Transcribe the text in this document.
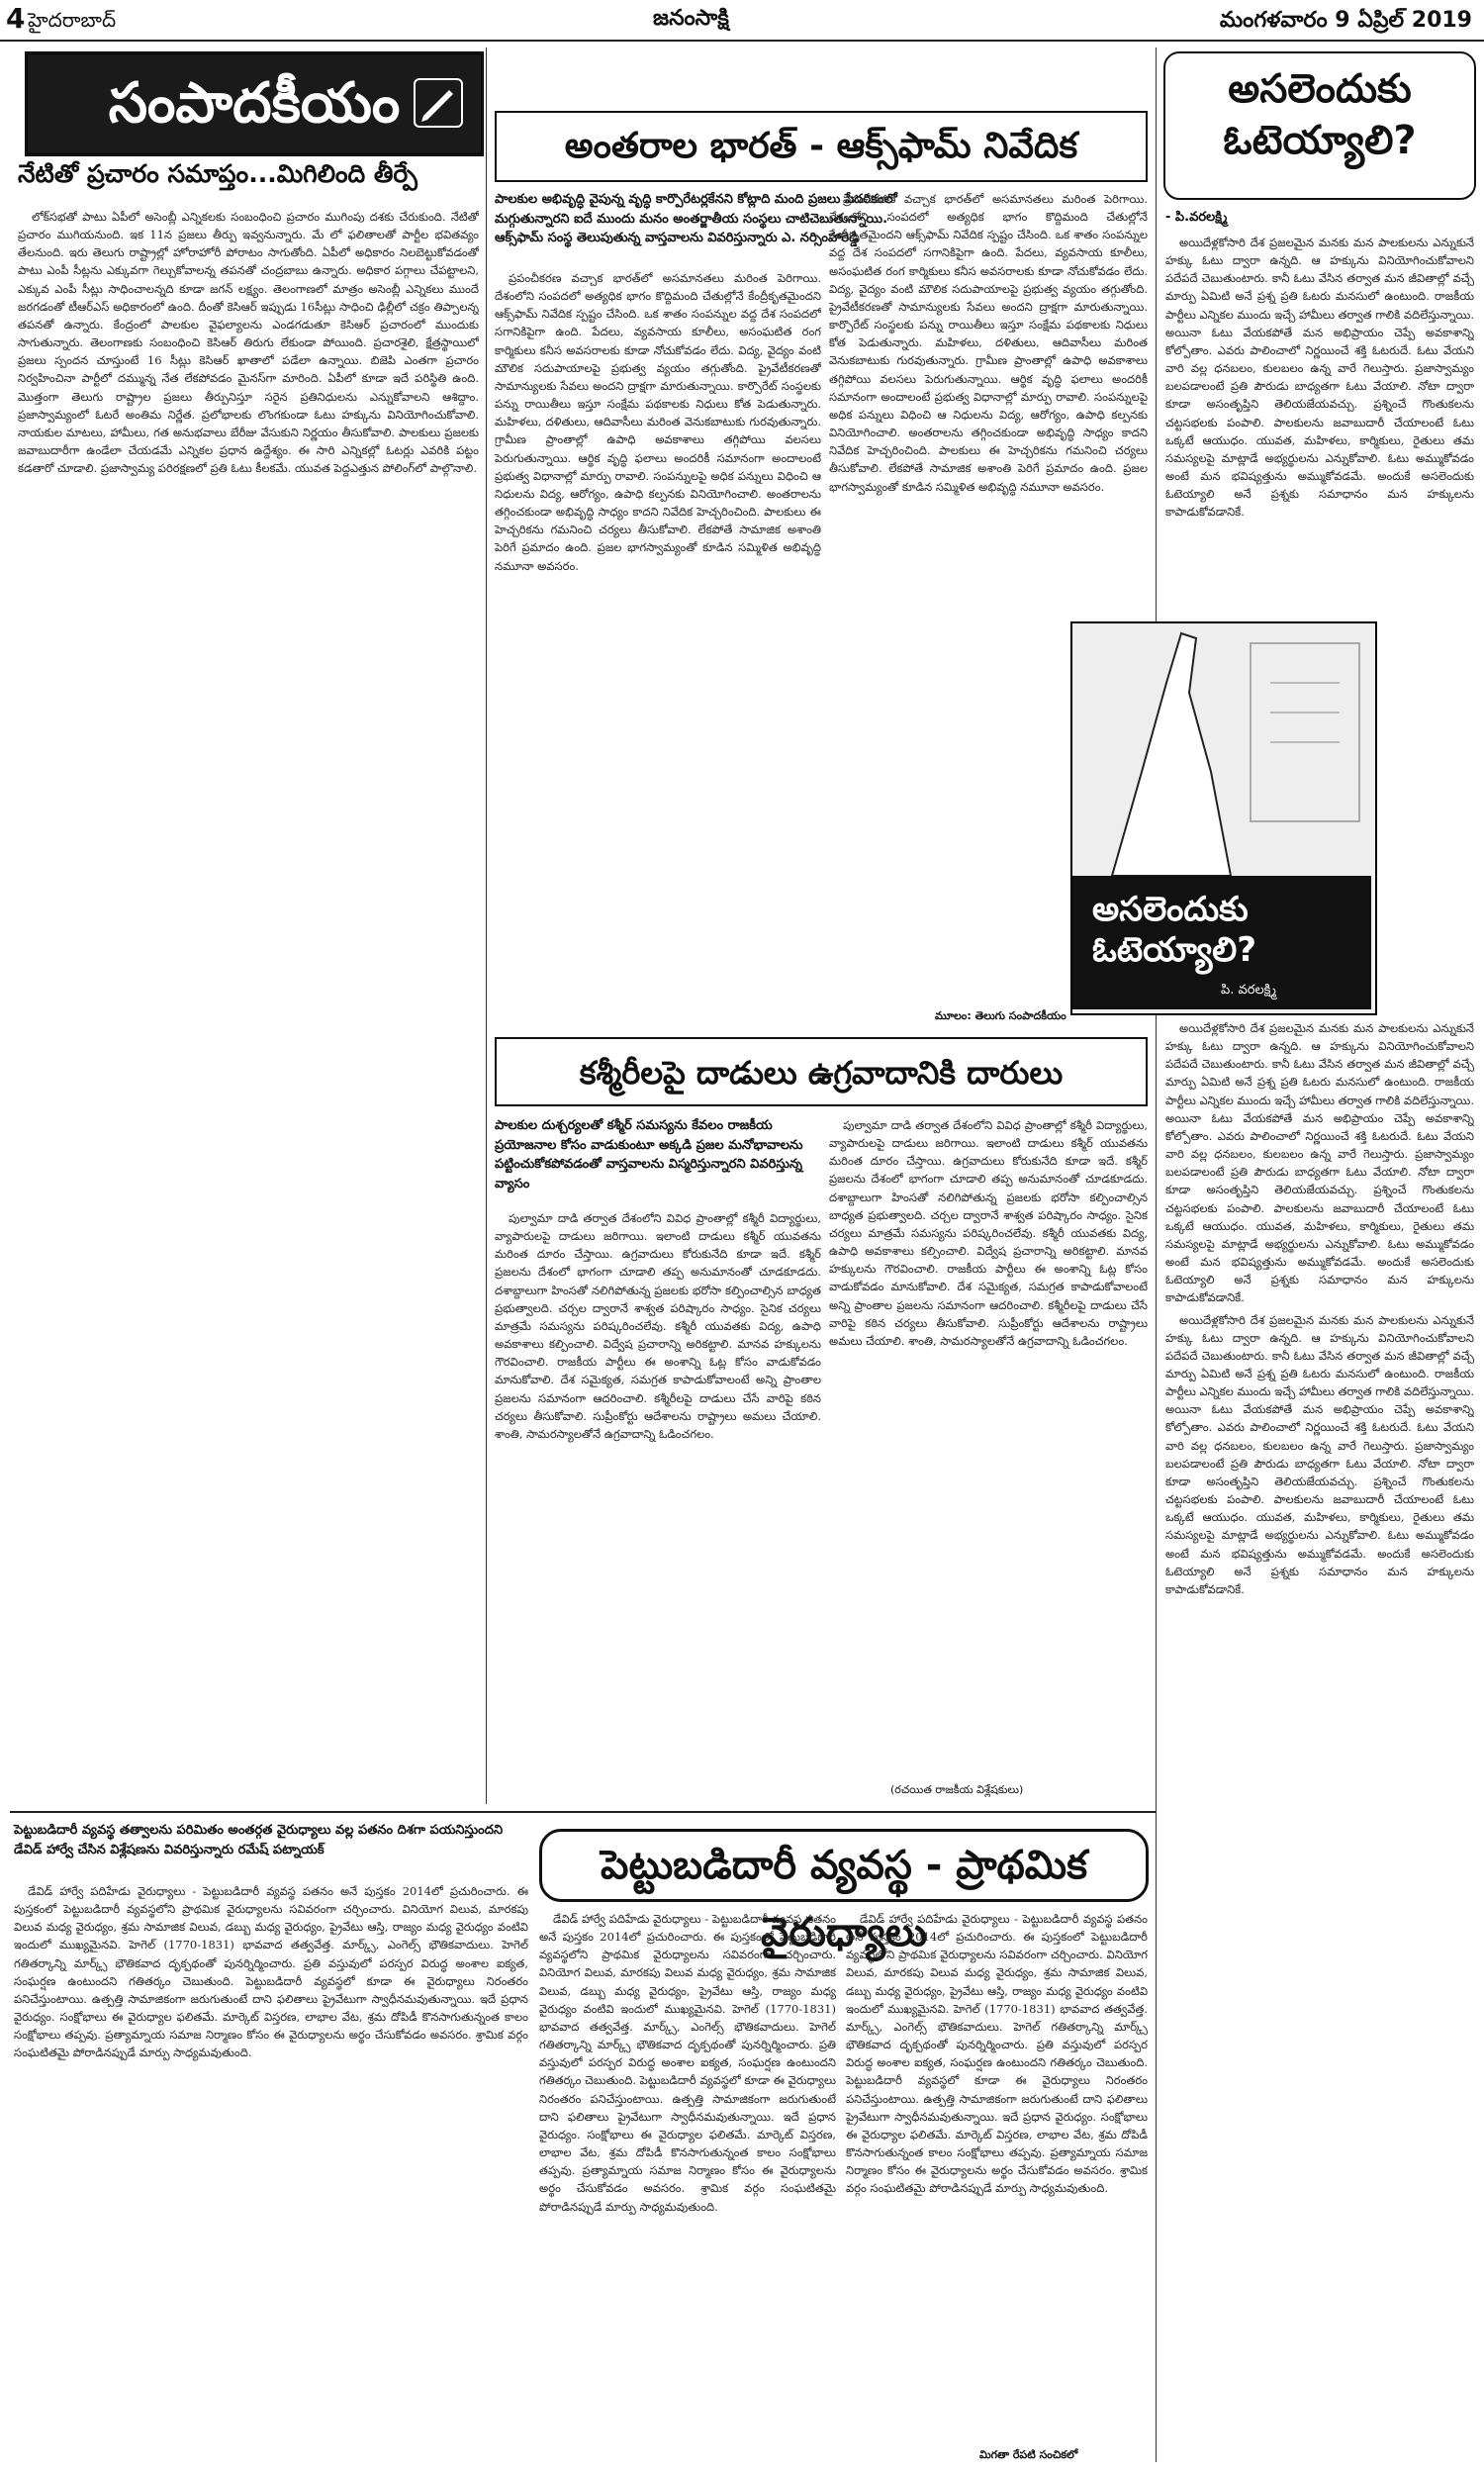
4 హైదరాబాద్	జనంసాక్షి	మంగళవారం 9 ఏప్రిల్ 2019
సంపాదకీయం
నేటితో ప్రచారం సమాప్తం...మిగిలింది తీర్పే

లోక్‌సభతో పాటు ఏపీలో అసెంబ్లీ ఎన్నికలకు సంబంధించి ప్రచారం ముగింపు దశకు చేరుకుంది. నేటితో ప్రచారం ముగియనుంది. ఇక 11న ప్రజలు తీర్పు ఇవ్వనున్నారు. మే లో ఫలితాలతో పార్టీల భవితవ్యం తేలనుంది. ఇరు తెలుగు రాష్ట్రాల్లో హోరాహోరీ పోరాటం సాగుతోంది. ఏపీలో అధికారం నిలబెట్టుకోవడంతో పాటు ఎంపీ సీట్లను ఎక్కువగా గెల్చుకోవాలన్న తపనతో చంద్రబాబు ఉన్నారు. అధికార పగ్గాలు చేపట్టాలని, ఎక్కువ ఎంపీ సీట్లు సాధించాలన్నది కూడా జగన్ లక్ష్యం. తెలంగాణలో మాత్రం అసెంబ్లీ ఎన్నికలు ముందే జరగడంతో టీఆర్ఎస్ అధికారంలో ఉంది. దీంతో కెసిఆర్ ఇప్పుడు 16సీట్లు సాధించి ఢిల్లీలో చక్రం తిప్పాలన్న తపనతో ఉన్నారు. కేంద్రంలో పాలకుల వైఫల్యాలను ఎండగడుతూ కెసిఆర్ ప్రచారంలో ముందుకు సాగుతున్నారు. తెలంగాణకు సంబంధించి కెసిఆర్ తిరుగు లేకుండా పోయింది. ప్రచారశైలి, క్షేత్రస్థాయిలో ప్రజలు స్పందన చూస్తుంటే 16 సీట్లు కెసిఆర్ ఖాతాలో పడేలా ఉన్నాయి. బిజెపి ఎంతగా ప్రచారం నిర్వహించినా పార్టీలో దమ్మున్న నేత లేకపోవడం మైనస్‌గా మారింది. ఏపీలో కూడా ఇదే పరిస్థితి ఉంది. మొత్తంగా తెలుగు రాష్ట్రాల ప్రజలు తీర్పునిస్తూ సరైన ప్రతినిధులను ఎన్నుకోవాలని ఆశిద్దాం. ప్రజాస్వామ్యంలో ఓటరే అంతిమ నిర్ణేత. ప్రలోభాలకు లొంగకుండా ఓటు హక్కును వినియోగించుకోవాలి. నాయకుల మాటలు, హామీలు, గత అనుభవాలు బేరీజు వేసుకుని నిర్ణయం తీసుకోవాలి. పాలకులు ప్రజలకు జవాబుదారీగా ఉండేలా చేయడమే ఎన్నికల ప్రధాన ఉద్దేశ్యం. ఈ సారి ఎన్నికల్లో ఓటర్లు ఎవరికి పట్టం కడతారో చూడాలి. ప్రజాస్వామ్య పరిరక్షణలో ప్రతి ఓటు కీలకమే. యువత పెద్దఎత్తున పోలింగ్‌లో పాల్గొనాలి.

అంతరాల భారత్ - ఆక్స్‌ఫామ్ నివేదిక
పాలకుల అభివృద్ధి వైపున్న వృద్ధి కార్పొరేటర్లకేనని కోట్లాది మంది ప్రజలు పేదరికంలో మగ్గుతున్నారని ఐదే ముందు మనం అంతర్జాతీయ సంస్థలు చాటిచెబుతున్నాయి. ఆక్స్‌ఫామ్ సంస్థ తెలుపుతున్న వాస్తవాలను వివరిస్తున్నారు ఎ. నర్సింహారెడ్డి

ప్రపంచీకరణ వచ్చాక భారత్‌లో అసమానతలు మరింత పెరిగాయి. దేశంలోని సంపదలో అత్యధిక భాగం కొద్దిమంది చేతుల్లోనే కేంద్రీకృతమైందని ఆక్స్‌ఫామ్ నివేదిక స్పష్టం చేసింది. ఒక శాతం సంపన్నుల వద్ద దేశ సంపదలో సగానికిపైగా ఉంది. పేదలు, వ్యవసాయ కూలీలు, అసంఘటిత రంగ కార్మికులు కనీస అవసరాలకు కూడా నోచుకోవడం లేదు. విద్య, వైద్యం వంటి మౌలిక సదుపాయాలపై ప్రభుత్వ వ్యయం తగ్గుతోంది. ప్రైవేటీకరణతో సామాన్యులకు సేవలు అందని ద్రాక్షగా మారుతున్నాయి. కార్పొరేట్ సంస్థలకు పన్ను రాయితీలు ఇస్తూ సంక్షేమ పథకాలకు నిధులు కోత పెడుతున్నారు. మహిళలు, దళితులు, ఆదివాసీలు మరింత వెనుకబాటుకు గురవుతున్నారు. గ్రామీణ ప్రాంతాల్లో ఉపాధి అవకాశాలు తగ్గిపోయి వలసలు పెరుగుతున్నాయి. ఆర్థిక వృద్ధి ఫలాలు అందరికీ సమానంగా అందాలంటే ప్రభుత్వ విధానాల్లో మార్పు రావాలి. సంపన్నులపై అధిక పన్నులు విధించి ఆ నిధులను విద్య, ఆరోగ్యం, ఉపాధి కల్పనకు వినియోగించాలి. అంతరాలను తగ్గించకుండా అభివృద్ధి సాధ్యం కాదని నివేదిక హెచ్చరించింది. పాలకులు ఈ హెచ్చరికను గమనించి చర్యలు తీసుకోవాలి. లేకపోతే సామాజిక అశాంతి పెరిగే ప్రమాదం ఉంది. ప్రజల భాగస్వామ్యంతో కూడిన సమ్మిళిత అభివృద్ధి నమూనా అవసరం.

ప్రపంచీకరణ వచ్చాక భారత్‌లో అసమానతలు మరింత పెరిగాయి. దేశంలోని సంపదలో అత్యధిక భాగం కొద్దిమంది చేతుల్లోనే కేంద్రీకృతమైందని ఆక్స్‌ఫామ్ నివేదిక స్పష్టం చేసింది. ఒక శాతం సంపన్నుల వద్ద దేశ సంపదలో సగానికిపైగా ఉంది. పేదలు, వ్యవసాయ కూలీలు, అసంఘటిత రంగ కార్మికులు కనీస అవసరాలకు కూడా నోచుకోవడం లేదు. విద్య, వైద్యం వంటి మౌలిక సదుపాయాలపై ప్రభుత్వ వ్యయం తగ్గుతోంది. ప్రైవేటీకరణతో సామాన్యులకు సేవలు అందని ద్రాక్షగా మారుతున్నాయి. కార్పొరేట్ సంస్థలకు పన్ను రాయితీలు ఇస్తూ సంక్షేమ పథకాలకు నిధులు కోత పెడుతున్నారు. మహిళలు, దళితులు, ఆదివాసీలు మరింత వెనుకబాటుకు గురవుతున్నారు. గ్రామీణ ప్రాంతాల్లో ఉపాధి అవకాశాలు తగ్గిపోయి వలసలు పెరుగుతున్నాయి. ఆర్థిక వృద్ధి ఫలాలు అందరికీ సమానంగా అందాలంటే ప్రభుత్వ విధానాల్లో మార్పు రావాలి. సంపన్నులపై అధిక పన్నులు విధించి ఆ నిధులను విద్య, ఆరోగ్యం, ఉపాధి కల్పనకు వినియోగించాలి. అంతరాలను తగ్గించకుండా అభివృద్ధి సాధ్యం కాదని నివేదిక హెచ్చరించింది. పాలకులు ఈ హెచ్చరికను గమనించి చర్యలు తీసుకోవాలి. లేకపోతే సామాజిక అశాంతి పెరిగే ప్రమాదం ఉంది. ప్రజల భాగస్వామ్యంతో కూడిన సమ్మిళిత అభివృద్ధి నమూనా అవసరం.

అసలెందుకు ఓటెయ్యాలి?
పి. వరలక్ష్మి
మూలం: తెలుగు సంపాదకీయం
కశ్మీరీలపై దాడులు ఉగ్రవాదానికి దారులు
పాలకుల దుశ్చర్యలతో కశ్మీర్ సమస్యను కేవలం రాజకీయ ప్రయోజనాల కోసం వాడుకుంటూ అక్కడి ప్రజల మనోభావాలను పట్టించుకోకపోవడంతో వాస్తవాలను విస్మరిస్తున్నారని వివరిస్తున్న వ్యాసం

పుల్వామా దాడి తర్వాత దేశంలోని వివిధ ప్రాంతాల్లో కశ్మీరీ విద్యార్థులు, వ్యాపారులపై దాడులు జరిగాయి. ఇలాంటి దాడులు కశ్మీర్ యువతను మరింత దూరం చేస్తాయి. ఉగ్రవాదులు కోరుకునేది కూడా ఇదే. కశ్మీర్ ప్రజలను దేశంలో భాగంగా చూడాలి తప్ప అనుమానంతో చూడకూడదు. దశాబ్దాలుగా హింసతో నలిగిపోతున్న ప్రజలకు భరోసా కల్పించాల్సిన బాధ్యత ప్రభుత్వాలది. చర్చల ద్వారానే శాశ్వత పరిష్కారం సాధ్యం. సైనిక చర్యలు మాత్రమే సమస్యను పరిష్కరించలేవు. కశ్మీరీ యువతకు విద్య, ఉపాధి అవకాశాలు కల్పించాలి. విద్వేష ప్రచారాన్ని అరికట్టాలి. మానవ హక్కులను గౌరవించాలి. రాజకీయ పార్టీలు ఈ అంశాన్ని ఓట్ల కోసం వాడుకోవడం మానుకోవాలి. దేశ సమైక్యత, సమగ్రత కాపాడుకోవాలంటే అన్ని ప్రాంతాల ప్రజలను సమానంగా ఆదరించాలి. కశ్మీరీలపై దాడులు చేసే వారిపై కఠిన చర్యలు తీసుకోవాలి. సుప్రీంకోర్టు ఆదేశాలను రాష్ట్రాలు అమలు చేయాలి. శాంతి, సామరస్యాలతోనే ఉగ్రవాదాన్ని ఓడించగలం.

పుల్వామా దాడి తర్వాత దేశంలోని వివిధ ప్రాంతాల్లో కశ్మీరీ విద్యార్థులు, వ్యాపారులపై దాడులు జరిగాయి. ఇలాంటి దాడులు కశ్మీర్ యువతను మరింత దూరం చేస్తాయి. ఉగ్రవాదులు కోరుకునేది కూడా ఇదే. కశ్మీర్ ప్రజలను దేశంలో భాగంగా చూడాలి తప్ప అనుమానంతో చూడకూడదు. దశాబ్దాలుగా హింసతో నలిగిపోతున్న ప్రజలకు భరోసా కల్పించాల్సిన బాధ్యత ప్రభుత్వాలది. చర్చల ద్వారానే శాశ్వత పరిష్కారం సాధ్యం. సైనిక చర్యలు మాత్రమే సమస్యను పరిష్కరించలేవు. కశ్మీరీ యువతకు విద్య, ఉపాధి అవకాశాలు కల్పించాలి. విద్వేష ప్రచారాన్ని అరికట్టాలి. మానవ హక్కులను గౌరవించాలి. రాజకీయ పార్టీలు ఈ అంశాన్ని ఓట్ల కోసం వాడుకోవడం మానుకోవాలి. దేశ సమైక్యత, సమగ్రత కాపాడుకోవాలంటే అన్ని ప్రాంతాల ప్రజలను సమానంగా ఆదరించాలి. కశ్మీరీలపై దాడులు చేసే వారిపై కఠిన చర్యలు తీసుకోవాలి. సుప్రీంకోర్టు ఆదేశాలను రాష్ట్రాలు అమలు చేయాలి. శాంతి, సామరస్యాలతోనే ఉగ్రవాదాన్ని ఓడించగలం.

(రచయిత రాజకీయ విశ్లేషకులు)
అసలెందుకు ఓటెయ్యాలి?
- పి.వరలక్ష్మి

అయిదేళ్లకోసారి దేశ ప్రజలమైన మనకు మన పాలకులను ఎన్నుకునే హక్కు ఓటు ద్వారా ఉన్నది. ఆ హక్కును వినియోగించుకోవాలని పదేపదే చెబుతుంటారు. కానీ ఓటు వేసిన తర్వాత మన జీవితాల్లో వచ్చే మార్పు ఏమిటి అనే ప్రశ్న ప్రతి ఓటరు మనసులో ఉంటుంది. రాజకీయ పార్టీలు ఎన్నికల ముందు ఇచ్చే హామీలు తర్వాత గాలికి వదిలేస్తున్నాయి. అయినా ఓటు వేయకపోతే మన అభిప్రాయం చెప్పే అవకాశాన్ని కోల్పోతాం. ఎవరు పాలించాలో నిర్ణయించే శక్తి ఓటరుదే. ఓటు వేయని వారి వల్ల ధనబలం, కులబలం ఉన్న వారే గెలుస్తారు. ప్రజాస్వామ్యం బలపడాలంటే ప్రతి పౌరుడు బాధ్యతగా ఓటు వేయాలి. నోటా ద్వారా కూడా అసంతృప్తిని తెలియజేయవచ్చు. ప్రశ్నించే గొంతుకలను చట్టసభలకు పంపాలి. పాలకులను జవాబుదారీ చేయాలంటే ఓటు ఒక్కటే ఆయుధం. యువత, మహిళలు, కార్మికులు, రైతులు తమ సమస్యలపై మాట్లాడే అభ్యర్థులను ఎన్నుకోవాలి. ఓటు అమ్ముకోవడం అంటే మన భవిష్యత్తును అమ్ముకోవడమే. అందుకే అసలెందుకు ఓటెయ్యాలి అనే ప్రశ్నకు సమాధానం మన హక్కులను కాపాడుకోవడానికే.

అయిదేళ్లకోసారి దేశ ప్రజలమైన మనకు మన పాలకులను ఎన్నుకునే హక్కు ఓటు ద్వారా ఉన్నది. ఆ హక్కును వినియోగించుకోవాలని పదేపదే చెబుతుంటారు. కానీ ఓటు వేసిన తర్వాత మన జీవితాల్లో వచ్చే మార్పు ఏమిటి అనే ప్రశ్న ప్రతి ఓటరు మనసులో ఉంటుంది. రాజకీయ పార్టీలు ఎన్నికల ముందు ఇచ్చే హామీలు తర్వాత గాలికి వదిలేస్తున్నాయి. అయినా ఓటు వేయకపోతే మన అభిప్రాయం చెప్పే అవకాశాన్ని కోల్పోతాం. ఎవరు పాలించాలో నిర్ణయించే శక్తి ఓటరుదే. ఓటు వేయని వారి వల్ల ధనబలం, కులబలం ఉన్న వారే గెలుస్తారు. ప్రజాస్వామ్యం బలపడాలంటే ప్రతి పౌరుడు బాధ్యతగా ఓటు వేయాలి. నోటా ద్వారా కూడా అసంతృప్తిని తెలియజేయవచ్చు. ప్రశ్నించే గొంతుకలను చట్టసభలకు పంపాలి. పాలకులను జవాబుదారీ చేయాలంటే ఓటు ఒక్కటే ఆయుధం. యువత, మహిళలు, కార్మికులు, రైతులు తమ సమస్యలపై మాట్లాడే అభ్యర్థులను ఎన్నుకోవాలి. ఓటు అమ్ముకోవడం అంటే మన భవిష్యత్తును అమ్ముకోవడమే. అందుకే అసలెందుకు ఓటెయ్యాలి అనే ప్రశ్నకు సమాధానం మన హక్కులను కాపాడుకోవడానికే.

అయిదేళ్లకోసారి దేశ ప్రజలమైన మనకు మన పాలకులను ఎన్నుకునే హక్కు ఓటు ద్వారా ఉన్నది. ఆ హక్కును వినియోగించుకోవాలని పదేపదే చెబుతుంటారు. కానీ ఓటు వేసిన తర్వాత మన జీవితాల్లో వచ్చే మార్పు ఏమిటి అనే ప్రశ్న ప్రతి ఓటరు మనసులో ఉంటుంది. రాజకీయ పార్టీలు ఎన్నికల ముందు ఇచ్చే హామీలు తర్వాత గాలికి వదిలేస్తున్నాయి. అయినా ఓటు వేయకపోతే మన అభిప్రాయం చెప్పే అవకాశాన్ని కోల్పోతాం. ఎవరు పాలించాలో నిర్ణయించే శక్తి ఓటరుదే. ఓటు వేయని వారి వల్ల ధనబలం, కులబలం ఉన్న వారే గెలుస్తారు. ప్రజాస్వామ్యం బలపడాలంటే ప్రతి పౌరుడు బాధ్యతగా ఓటు వేయాలి. నోటా ద్వారా కూడా అసంతృప్తిని తెలియజేయవచ్చు. ప్రశ్నించే గొంతుకలను చట్టసభలకు పంపాలి. పాలకులను జవాబుదారీ చేయాలంటే ఓటు ఒక్కటే ఆయుధం. యువత, మహిళలు, కార్మికులు, రైతులు తమ సమస్యలపై మాట్లాడే అభ్యర్థులను ఎన్నుకోవాలి. ఓటు అమ్ముకోవడం అంటే మన భవిష్యత్తును అమ్ముకోవడమే. అందుకే అసలెందుకు ఓటెయ్యాలి అనే ప్రశ్నకు సమాధానం మన హక్కులను కాపాడుకోవడానికే.

పెట్టుబడిదారీ వ్యవస్థ తత్వాలను పరిమితం అంతర్గత వైరుధ్యాలు వల్ల పతనం దిశగా పయనిస్తుందని డేవిడ్ హార్వే చేసిన విశ్లేషణను వివరిస్తున్నారు రమేష్ పట్నాయక్	పెట్టుబడిదారీ వ్యవస్థ - ప్రాథమిక వైరుధ్యాలు

డేవిడ్ హార్వే పదిహేడు వైరుధ్యాలు - పెట్టుబడిదారీ వ్యవస్థ పతనం అనే పుస్తకం 2014లో ప్రచురించారు. ఈ పుస్తకంలో పెట్టుబడిదారీ వ్యవస్థలోని ప్రాథమిక వైరుధ్యాలను సవివరంగా చర్చించారు. వినియోగ విలువ, మారకపు విలువ మధ్య వైరుధ్యం, శ్రమ సామాజిక విలువ, డబ్బు మధ్య వైరుధ్యం, ప్రైవేటు ఆస్తి, రాజ్యం మధ్య వైరుధ్యం వంటివి ఇందులో ముఖ్యమైనవి. హెగెల్ (1770-1831) భావవాద తత్వవేత్త. మార్క్స్, ఎంగెల్స్ భౌతికవాదులు. హెగెల్ గతితర్కాన్ని మార్క్స్ భౌతికవాద దృక్పథంతో పునర్నిర్మించారు. ప్రతి వస్తువులో పరస్పర విరుద్ధ అంశాల ఐక్యత, సంఘర్షణ ఉంటుందని గతితర్కం చెబుతుంది. పెట్టుబడిదారీ వ్యవస్థలో కూడా ఈ వైరుధ్యాలు నిరంతరం పనిచేస్తుంటాయి. ఉత్పత్తి సామాజికంగా జరుగుతుంటే దాని ఫలితాలు ప్రైవేటుగా స్వాధీనమవుతున్నాయి. ఇదే ప్రధాన వైరుధ్యం. సంక్షోభాలు ఈ వైరుధ్యాల ఫలితమే. మార్కెట్ విస్తరణ, లాభాల వేట, శ్రమ దోపిడీ కొనసాగుతున్నంత కాలం సంక్షోభాలు తప్పవు. ప్రత్యామ్నాయ సమాజ నిర్మాణం కోసం ఈ వైరుధ్యాలను అర్థం చేసుకోవడం అవసరం. శ్రామిక వర్గం సంఘటితమై పోరాడినప్పుడే మార్పు సాధ్యమవుతుంది.

డేవిడ్ హార్వే పదిహేడు వైరుధ్యాలు - పెట్టుబడిదారీ వ్యవస్థ పతనం అనే పుస్తకం 2014లో ప్రచురించారు. ఈ పుస్తకంలో పెట్టుబడిదారీ వ్యవస్థలోని ప్రాథమిక వైరుధ్యాలను సవివరంగా చర్చించారు. వినియోగ విలువ, మారకపు విలువ మధ్య వైరుధ్యం, శ్రమ సామాజిక విలువ, డబ్బు మధ్య వైరుధ్యం, ప్రైవేటు ఆస్తి, రాజ్యం మధ్య వైరుధ్యం వంటివి ఇందులో ముఖ్యమైనవి. హెగెల్ (1770-1831) భావవాద తత్వవేత్త. మార్క్స్, ఎంగెల్స్ భౌతికవాదులు. హెగెల్ గతితర్కాన్ని మార్క్స్ భౌతికవాద దృక్పథంతో పునర్నిర్మించారు. ప్రతి వస్తువులో పరస్పర విరుద్ధ అంశాల ఐక్యత, సంఘర్షణ ఉంటుందని గతితర్కం చెబుతుంది. పెట్టుబడిదారీ వ్యవస్థలో కూడా ఈ వైరుధ్యాలు నిరంతరం పనిచేస్తుంటాయి. ఉత్పత్తి సామాజికంగా జరుగుతుంటే దాని ఫలితాలు ప్రైవేటుగా స్వాధీనమవుతున్నాయి. ఇదే ప్రధాన వైరుధ్యం. సంక్షోభాలు ఈ వైరుధ్యాల ఫలితమే. మార్కెట్ విస్తరణ, లాభాల వేట, శ్రమ దోపిడీ కొనసాగుతున్నంత కాలం సంక్షోభాలు తప్పవు. ప్రత్యామ్నాయ సమాజ నిర్మాణం కోసం ఈ వైరుధ్యాలను అర్థం చేసుకోవడం అవసరం. శ్రామిక వర్గం సంఘటితమై పోరాడినప్పుడే మార్పు సాధ్యమవుతుంది.

డేవిడ్ హార్వే పదిహేడు వైరుధ్యాలు - పెట్టుబడిదారీ వ్యవస్థ పతనం అనే పుస్తకం 2014లో ప్రచురించారు. ఈ పుస్తకంలో పెట్టుబడిదారీ వ్యవస్థలోని ప్రాథమిక వైరుధ్యాలను సవివరంగా చర్చించారు. వినియోగ విలువ, మారకపు విలువ మధ్య వైరుధ్యం, శ్రమ సామాజిక విలువ, డబ్బు మధ్య వైరుధ్యం, ప్రైవేటు ఆస్తి, రాజ్యం మధ్య వైరుధ్యం వంటివి ఇందులో ముఖ్యమైనవి. హెగెల్ (1770-1831) భావవాద తత్వవేత్త. మార్క్స్, ఎంగెల్స్ భౌతికవాదులు. హెగెల్ గతితర్కాన్ని మార్క్స్ భౌతికవాద దృక్పథంతో పునర్నిర్మించారు. ప్రతి వస్తువులో పరస్పర విరుద్ధ అంశాల ఐక్యత, సంఘర్షణ ఉంటుందని గతితర్కం చెబుతుంది. పెట్టుబడిదారీ వ్యవస్థలో కూడా ఈ వైరుధ్యాలు నిరంతరం పనిచేస్తుంటాయి. ఉత్పత్తి సామాజికంగా జరుగుతుంటే దాని ఫలితాలు ప్రైవేటుగా స్వాధీనమవుతున్నాయి. ఇదే ప్రధాన వైరుధ్యం. సంక్షోభాలు ఈ వైరుధ్యాల ఫలితమే. మార్కెట్ విస్తరణ, లాభాల వేట, శ్రమ దోపిడీ కొనసాగుతున్నంత కాలం సంక్షోభాలు తప్పవు. ప్రత్యామ్నాయ సమాజ నిర్మాణం కోసం ఈ వైరుధ్యాలను అర్థం చేసుకోవడం అవసరం. శ్రామిక వర్గం సంఘటితమై పోరాడినప్పుడే మార్పు సాధ్యమవుతుంది.

మిగతా రేపటి సంచికలో
